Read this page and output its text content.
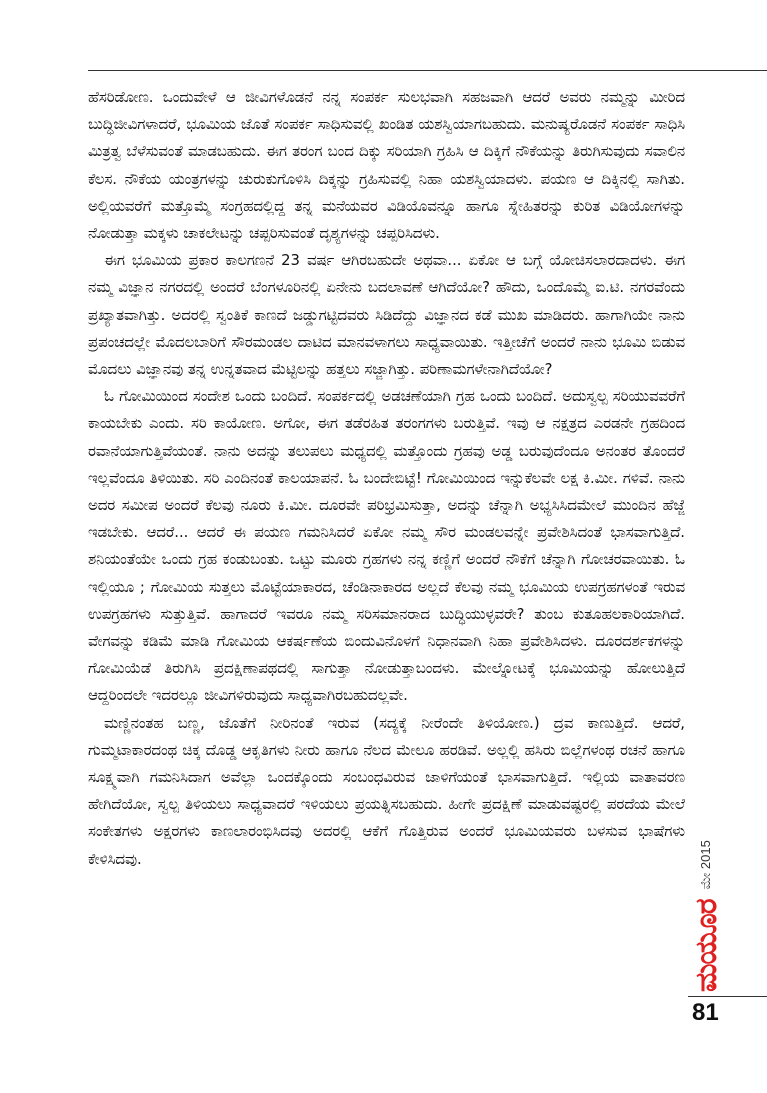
ಹೆಸರಿಡೋಣ. ಒಂದುವೇಳೆ ಆ ಜೀವಿಗಳೊಡನೆ ನನ್ನ ಸಂಪರ್ಕ ಸುಲಭವಾಗಿ ಸಹಜವಾಗಿ ಆದರೆ ಅವರು ನಮ್ಮನ್ನು ಮೀರಿದ ಬುದ್ಧಿಜೀವಿಗಳಾದರೆ, ಭೂಮಿಯ ಜೊತೆ ಸಂಪರ್ಕ ಸಾಧಿಸುವಲ್ಲಿ ಖಂಡಿತ ಯಶಸ್ವಿಯಾಗಬಹುದು. ಮನುಷ್ಯರೊಡನೆ ಸಂಪರ್ಕ ಸಾಧಿಸಿ ಮಿತ್ರತ್ವ ಬೆಳೆಸುವಂತೆ ಮಾಡಬಹುದು. ಈಗ ತರಂಗ ಬಂದ ದಿಕ್ಕು ಸರಿಯಾಗಿ ಗ್ರಹಿಸಿ ಆ ದಿಕ್ಕಿಗೆ ನೌಕೆಯನ್ನು ತಿರುಗಿಸುವುದು ಸವಾಲಿನ ಕೆಲಸ. ನೌಕೆಯ ಯಂತ್ರಗಳನ್ನು ಚುರುಕುಗೊಳಿಸಿ ದಿಕ್ಕನ್ನು ಗ್ರಹಿಸುವಲ್ಲಿ ನಿಹಾ ಯಶಸ್ವಿಯಾದಳು. ಪಯಣ ಆ ದಿಕ್ಕಿನಲ್ಲಿ ಸಾಗಿತು. ಅಲ್ಲಿಯವರೆಗೆ ಮತ್ತೊಮ್ಮೆ ಸಂಗ್ರಹದಲ್ಲಿದ್ದ ತನ್ನ ಮನೆಯವರ ವಿಡಿಯೊವನ್ನೂ ಹಾಗೂ ಸ್ನೇಹಿತರನ್ನು ಕುರಿತ ವಿಡಿಯೋಗಳನ್ನು ನೋಡುತ್ತಾ ಮಕ್ಕಳು ಚಾಕಲೇಟನ್ನು ಚಪ್ಪರಿಸುವಂತೆ ದೃಶ್ಯಗಳನ್ನು ಚಪ್ಪರಿಸಿದಳು.

ಈಗ ಭೂಮಿಯ ಪ್ರಕಾರ ಕಾಲಗಣನೆ 23 ವರ್ಷ ಆಗಿರಬಹುದೇ ಅಥವಾ... ಏಕೋ ಆ ಬಗ್ಗೆ ಯೋಚಿಸಲಾರದಾದಳು. ಈಗ ನಮ್ಮ ವಿಜ್ಞಾನ ನಗರದಲ್ಲಿ ಅಂದರೆ ಬೆಂಗಳೂರಿನಲ್ಲಿ ಏನೇನು ಬದಲಾವಣೆ ಆಗಿದೆಯೋ? ಹೌದು, ಒಂದೊಮ್ಮೆ ಐ.ಟಿ. ನಗರವೆಂದು ಪ್ರಖ್ಯಾತವಾಗಿತ್ತು. ಅದರಲ್ಲಿ ಸ್ವಂತಿಕೆ ಕಾಣದೆ ಜಡ್ಡುಗಟ್ಟಿದವರು ಸಿಡಿದೆದ್ದು ವಿಜ್ಞಾನದ ಕಡೆ ಮುಖ ಮಾಡಿದರು. ಹಾಗಾಗಿಯೇ ನಾನು ಪ್ರಪಂಚದಲ್ಲೇ ಮೊದಲಬಾರಿಗೆ ಸೌರಮಂಡಲ ದಾಟಿದ ಮಾನವಳಾಗಲು ಸಾಧ್ಯವಾಯಿತು. ಇತ್ತೀಚೆಗೆ ಅಂದರೆ ನಾನು ಭೂಮಿ ಬಿಡುವ ಮೊದಲು ವಿಜ್ಞಾನವು ತನ್ನ ಉನ್ನತವಾದ ಮೆಟ್ಟಿಲನ್ನು ಹತ್ತಲು ಸಜ್ಜಾಗಿತ್ತು. ಪರಿಣಾಮಗಳೇನಾಗಿದೆಯೋ?

ಓ ಗೋಮಿಯಿಂದ ಸಂದೇಶ ಒಂದು ಬಂದಿದೆ. ಸಂಪರ್ಕದಲ್ಲಿ ಅಡಚಣೆಯಾಗಿ ಗ್ರಹ ಒಂದು ಬಂದಿದೆ. ಅದುಸ್ವಲ್ಪ ಸರಿಯುವವರೆಗೆ ಕಾಯಬೇಕು ಎಂದು. ಸರಿ ಕಾಯೋಣ. ಅಗೋ, ಈಗ ತಡೆರಹಿತ ತರಂಗಗಳು ಬರುತ್ತಿವೆ. ಇವು ಆ ನಕ್ಷತ್ರದ ಎರಡನೇ ಗ್ರಹದಿಂದ ರವಾನೆಯಾಗುತ್ತಿವೆಯಂತೆ. ನಾನು ಅದನ್ನು ತಲುಪಲು ಮಧ್ಯದಲ್ಲಿ ಮತ್ತೊಂದು ಗ್ರಹವು ಅಡ್ಡ ಬರುವುದೆಂದೂ ಅನಂತರ ತೊಂದರೆ ಇಲ್ಲವೆಂದೂ ತಿಳಿಯಿತು. ಸರಿ ಎಂದಿನಂತೆ ಕಾಲಯಾಪನೆ. ಓ ಬಂದೇಬಿಟ್ಟೆ! ಗೋಮಿಯಿಂದ ಇನ್ನುಕೆಲವೇ ಲಕ್ಷ ಕಿ.ಮೀ. ಗಳಿವೆ. ನಾನು ಅದರ ಸಮೀಪ ಅಂದರೆ ಕೆಲವು ನೂರು ಕಿ.ಮೀ. ದೂರವೇ ಪರಿಭ್ರಮಿಸುತ್ತಾ, ಅದನ್ನು ಚೆನ್ನಾಗಿ ಅಭ್ಯಸಿಸಿದಮೇಲೆ ಮುಂದಿನ ಹೆಜ್ಜೆ ಇಡಬೇಕು. ಆದರೆ... ಆದರೆ ಈ ಪಯಣ ಗಮನಿಸಿದರೆ ಏಕೋ ನಮ್ಮ ಸೌರ ಮಂಡಲವನ್ನೇ ಪ್ರವೇಶಿಸಿದಂತೆ ಭಾಸವಾಗುತ್ತಿದೆ. ಶನಿಯಂತೆಯೇ ಒಂದು ಗ್ರಹ ಕಂಡುಬಂತು. ಒಟ್ಟು ಮೂರು ಗ್ರಹಗಳು ನನ್ನ ಕಣ್ಣಿಗೆ ಅಂದರೆ ನೌಕೆಗೆ ಚೆನ್ನಾಗಿ ಗೋಚರವಾಯಿತು. ಓ ಇಲ್ಲಿಯೂ ; ಗೋಮಿಯ ಸುತ್ತಲು ಮೊಟ್ಟೆಯಾಕಾರದ, ಚೆಂಡಿನಾಕಾರದ ಅಲ್ಲದೆ ಕೆಲವು ನಮ್ಮ ಭೂಮಿಯ ಉಪಗ್ರಹಗಳಂತೆ ಇರುವ ಉಪಗ್ರಹಗಳು ಸುತ್ತುತ್ತಿವೆ. ಹಾಗಾದರೆ ಇವರೂ ನಮ್ಮ ಸರಿಸಮಾನರಾದ ಬುದ್ಧಿಯುಳ್ಳವರೇ? ತುಂಬ ಕುತೂಹಲಕಾರಿಯಾಗಿದೆ. ವೇಗವನ್ನು ಕಡಿಮೆ ಮಾಡಿ ಗೋಮಿಯ ಆಕರ್ಷಣೆಯ ಬಿಂದುವಿನೊಳಗೆ ನಿಧಾನವಾಗಿ ನಿಹಾ ಪ್ರವೇಶಿಸಿದಳು. ದೂರದರ್ಶಕಗಳನ್ನು ಗೋಮಿಯೆಡೆ ತಿರುಗಿಸಿ ಪ್ರದಕ್ಷಿಣಾಪಥದಲ್ಲಿ ಸಾಗುತ್ತಾ ನೋಡುತ್ತಾಬಂದಳು. ಮೇಲ್ನೋಟಕ್ಕೆ ಭೂಮಿಯನ್ನು ಹೋಲುತ್ತಿದೆ ಆದ್ದರಿಂದಲೇ ಇದರಲ್ಲೂ ಜೀವಿಗಳಿರುವುದು ಸಾಧ್ಯವಾಗಿರಬಹುದಲ್ಲವೇ.

ಮಣ್ಣಿನಂತಹ ಬಣ್ಣ, ಜೊತೆಗೆ ನೀರಿನಂತೆ ಇರುವ (ಸದ್ಯಕ್ಕೆ ನೀರೆಂದೇ ತಿಳಿಯೋಣ.) ದ್ರವ ಕಾಣುತ್ತಿದೆ. ಆದರೆ, ಗುಮ್ಮಟಾಕಾರದಂಥ ಚಿಕ್ಕ ದೊಡ್ಡ ಆಕೃತಿಗಳು ನೀರು ಹಾಗೂ ನೆಲದ ಮೇಲೂ ಹರಡಿವೆ. ಅಲ್ಲಲ್ಲಿ ಹಸಿರು ಬಿಲ್ಲೆಗಳಂಥ ರಚನೆ ಹಾಗೂ ಸೂಕ್ಷ್ಮವಾಗಿ ಗಮನಿಸಿದಾಗ ಅವೆಲ್ಲಾ ಒಂದಕ್ಕೊಂದು ಸಂಬಂಧವಿರುವ ಜಾಳಿಗೆಯಂತೆ ಭಾಸವಾಗುತ್ತಿದೆ. ಇಲ್ಲಿಯ ವಾತಾವರಣ ಹೇಗಿದೆಯೋ, ಸ್ವಲ್ಪ ತಿಳಿಯಲು ಸಾಧ್ಯವಾದರೆ ಇಳಿಯಲು ಪ್ರಯತ್ನಿಸಬಹುದು. ಹೀಗೇ ಪ್ರದಕ್ಷಿಣೆ ಮಾಡುವಷ್ಟರಲ್ಲಿ ಪರದೆಯ ಮೇಲೆ ಸಂಕೇತಗಳು ಅಕ್ಷರಗಳು ಕಾಣಲಾರಂಭಿಸಿದವು ಅದರಲ್ಲಿ ಆಕೆಗೆ ಗೊತ್ತಿರುವ ಅಂದರೆ ಭೂಮಿಯವರು ಬಳಸುವ ಭಾಷೆಗಳು ಕೇಳಿಸಿದವು.

ಮಯೂರ
ಮೇ 2015
81
